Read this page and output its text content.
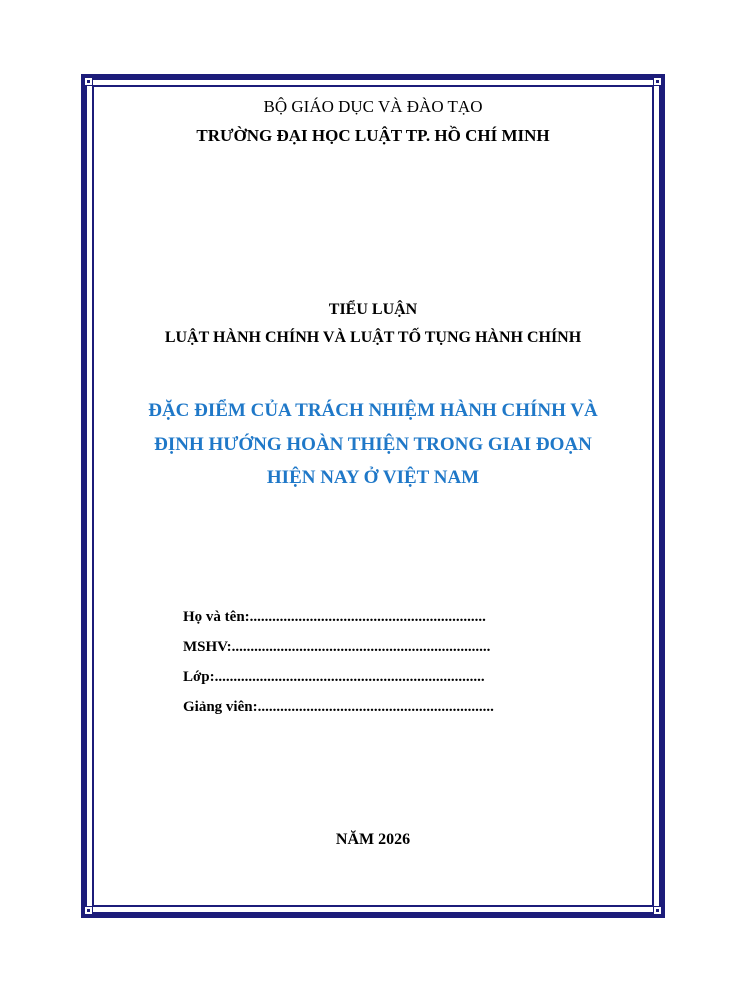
BỘ GIÁO DỤC VÀ ĐÀO TẠO
TRƯỜNG ĐẠI HỌC LUẬT TP. HỒ CHÍ MINH
TIỂU LUẬN
LUẬT HÀNH CHÍNH VÀ LUẬT TỐ TỤNG HÀNH CHÍNH
ĐẶC ĐIỂM CỦA TRÁCH NHIỆM HÀNH CHÍNH VÀ
ĐỊNH HƯỚNG HOÀN THIỆN TRONG GIAI ĐOẠN
HIỆN NAY Ở VIỆT NAM
Họ và tên: ...............................................................
MSHV: .....................................................................
Lớp: ........................................................................
Giảng viên: ...............................................................
NĂM 2026
